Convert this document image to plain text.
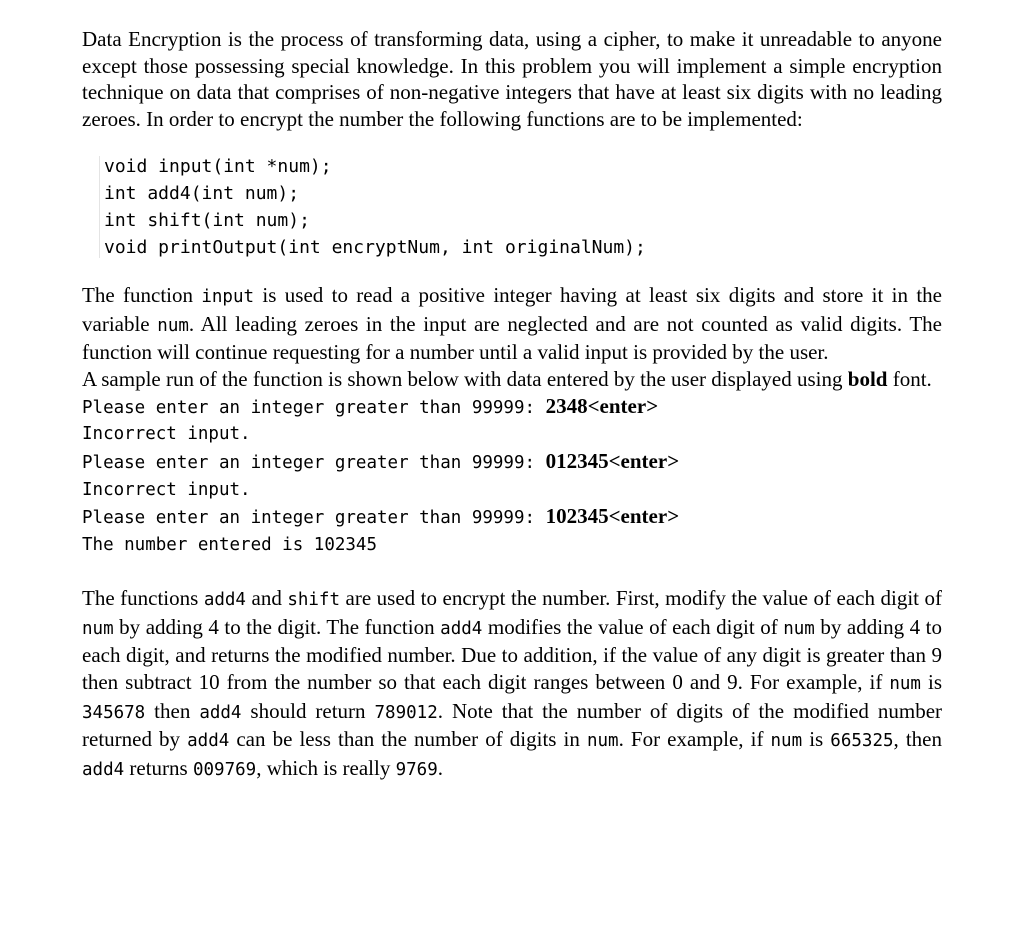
Data Encryption is the process of transforming data, using a cipher, to make it unreadable to anyone except those possessing special knowledge. In this problem you will implement a simple encryption technique on data that comprises of non-negative integers that have at least six digits with no leading zeroes. In order to encrypt the number the following functions are to be implemented:

void input(int *num);
int add4(int num);
int shift(int num);
void printOutput(int encryptNum, int originalNum);

The function input is used to read a positive integer having at least six digits and store it in the variable num. All leading zeroes in the input are neglected and are not counted as valid digits. The function will continue requesting for a number until a valid input is provided by the user.

A sample run of the function is shown below with data entered by the user displayed using bold font.

Please enter an integer greater than 99999: 2348<enter>
Incorrect input.
Please enter an integer greater than 99999: 012345<enter>
Incorrect input.
Please enter an integer greater than 99999: 102345<enter>
The number entered is 102345

The functions add4 and shift are used to encrypt the number. First, modify the value of each digit of num by adding 4 to the digit. The function add4 modifies the value of each digit of num by adding 4 to each digit, and returns the modified number. Due to addition, if the value of any digit is greater than 9 then subtract 10 from the number so that each digit ranges between 0 and 9. For example, if num is 345678 then add4 should return 789012. Note that the number of digits of the modified number returned by add4 can be less than the number of digits in num. For example, if num is 665325, then add4 returns 009769, which is really 9769.
